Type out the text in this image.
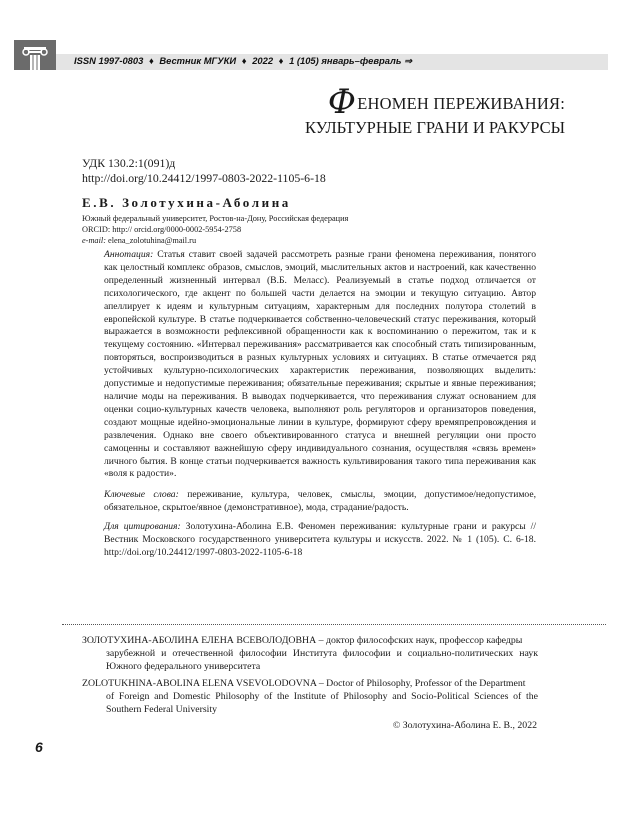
ISSN 1997-0803 ♦ Вестник МГУКИ ♦ 2022 ♦ 1 (105) январь–февраль ⇒
ФЕНОМЕН ПЕРЕЖИВАНИЯ:
КУЛЬТУРНЫЕ ГРАНИ И РАКУРСЫ
УДК 130.2:1(091)д
http://doi.org/10.24412/1997-0803-2022-1105-6-18
Е.В. Золотухина-Аболина
Южный федеральный университет, Ростов-на-Дону, Российская федерация
ORCID: http:// orcid.org/0000-0002-5954-2758
e-mail: elena_zolotuhina@mail.ru
Аннотация: Статья ставит своей задачей рассмотреть разные грани феномена переживания, понятого как целостный комплекс образов, смыслов, эмоций, мыслительных актов и настроений, как качественно определенный жизненный интервал (В.Б. Меласс). Реализуемый в статье подход отличается от психологического, где акцент по большей части делается на эмоции и текущую ситуацию. Автор апеллирует к идеям и культурным ситуациям, характерным для последних полутора столетий в европейской культуре. В статье подчеркивается собственно-человеческий статус переживания, который выражается в возможности рефлексивной обращенности как к воспоминанию о пережитом, так и к текущему состоянию. «Интервал переживания» рассматривается как способный стать типизированным, повторяться, воспроизводиться в разных культурных условиях и ситуациях. В статье отмечается ряд устойчивых культурно-психологических характеристик переживания, позволяющих выделить: допустимые и недопустимые переживания; обязательные переживания; скрытые и явные переживания; наличие моды на переживания. В выводах подчеркивается, что переживания служат основанием для оценки социо-культурных качеств человека, выполняют роль регуляторов и организаторов поведения, создают мощные идейно-эмоциональные линии в культуре, формируют сферу времяпрепровождения и развлечения. Однако вне своего объективированного статуса и внешней регуляции они просто самоценны и составляют важнейшую сферу индивидуального сознания, осуществляя «связь времен» личного бытия. В конце статьи подчеркивается важность культивирования такого типа переживания как «воля к радости».
Ключевые слова: переживание, культура, человек, смыслы, эмоции, допустимое/недопустимое, обязательное, скрытое/явное (демонстративное), мода, страдание/радость.
Для цитирования: Золотухина-Аболина Е.В. Феномен переживания: культурные грани и ракурсы // Вестник Московского государственного университета культуры и искусств. 2022. № 1 (105). С. 6-18. http://doi.org/10.24412/1997-0803-2022-1105-6-18
ЗОЛОТУХИНА-АБОЛИНА ЕЛЕНА ВСЕВОЛОДОВНА – доктор философских наук, профессор кафедры
зарубежной и отечественной философии Института философии и социально-политических наук Южного федерального университета
ZOLOTUKHINA-ABOLINA ELENA VSEVOLODOVNA – Doctor of Philosophy, Professor of the Department
of Foreign and Domestic Philosophy of the Institute of Philosophy and Socio-Political Sciences of the Southern Federal University
© Золотухина-Аболина Е. В., 2022
6
